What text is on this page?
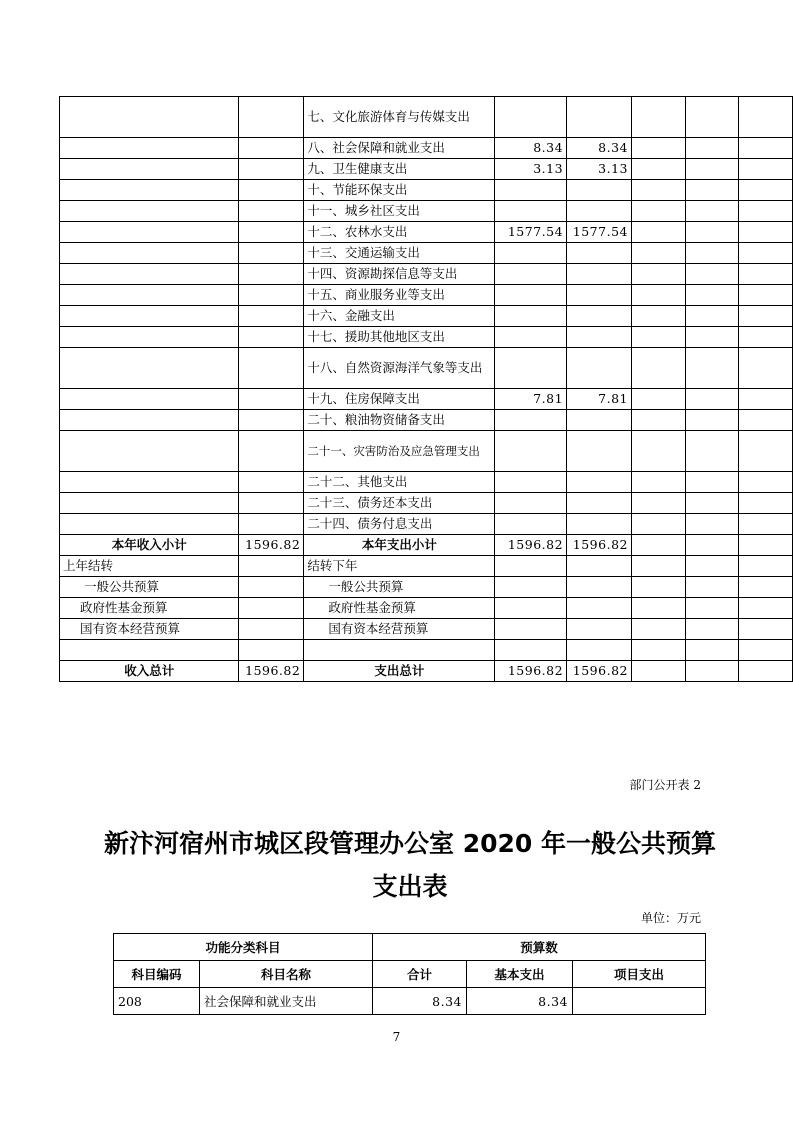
		七、文化旅游体育与传媒支出					
		八、社会保障和就业支出	8.34	8.34			
		九、卫生健康支出	3.13	3.13			
		十、节能环保支出					
		十一、城乡社区支出					
		十二、农林水支出	1577.54	1577.54			
		十三、交通运输支出					
		十四、资源勘探信息等支出					
		十五、商业服务业等支出					
		十六、金融支出					
		十七、援助其他地区支出					
		十八、自然资源海洋气象等支出					
		十九、住房保障支出	7.81	7.81			
		二十、粮油物资储备支出					
		二十一、灾害防治及应急管理支出					
		二十二、其他支出					
		二十三、债务还本支出					
		二十四、债务付息支出					
本年收入小计	1596.82	本年支出小计	1596.82	1596.82			
上年结转		结转下年					
一般公共预算		一般公共预算					
政府性基金预算		政府性基金预算					
国有资本经营预算		国有资本经营预算					

收入总计	1596.82	支出总计	1596.82	1596.82			
部门公开表 2
新汴河宿州市城区段管理办公室 2020 年一般公共预算
支出表
单位：万元
功能分类科目		预算数		
科目编码	科目名称	合计	基本支出	项目支出
208	社会保障和就业支出	8.34	8.34	
7
